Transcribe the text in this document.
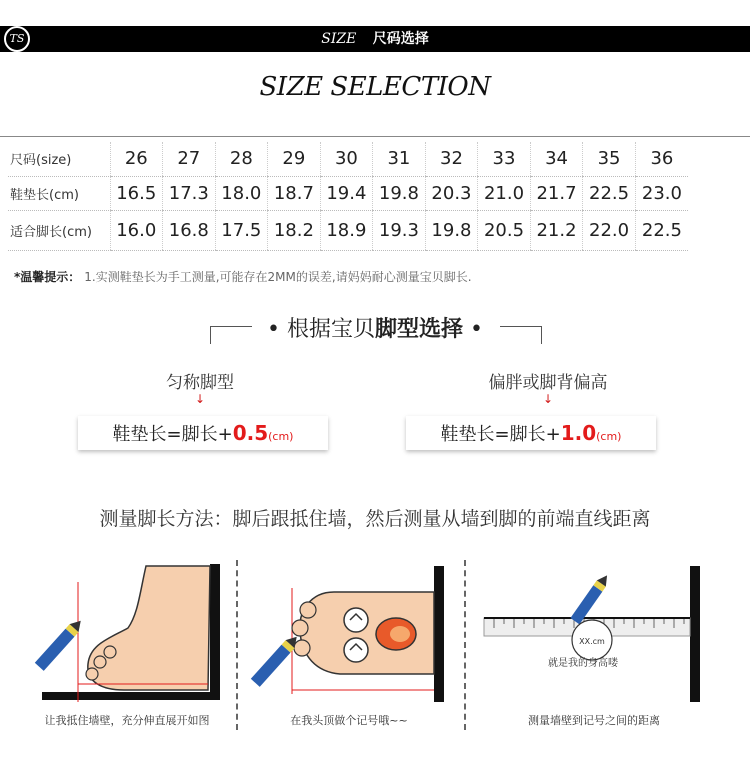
TS	SIZE 尺码选择
SIZE SELECTION
尺码(size)	26	27	28	29	30	31	32	33	34	35	36
鞋垫长(cm)	16.5	17.3	18.0	18.7	19.4	19.8	20.3	21.0	21.7	22.5	23.0
适合脚长(cm)	16.0	16.8	17.5	18.2	18.9	19.3	19.8	20.5	21.2	22.0	22.5
*温馨提示： 1.实测鞋垫长为手工测量,可能存在2MM的误差,请妈妈耐心测量宝贝脚长.
• 根据宝贝脚型选择 •
匀称脚型
↓
鞋垫长=脚长+0.5(cm)
偏胖或脚背偏高
↓
鞋垫长=脚长+1.0(cm)
测量脚长方法：脚后跟抵住墙，然后测量从墙到脚的前端直线距离
XX.cm
就是我的身高喽
让我抵住墙壁，充分伸直展开如图	在我头顶做个记号哦~~	测量墙壁到记号之间的距离
